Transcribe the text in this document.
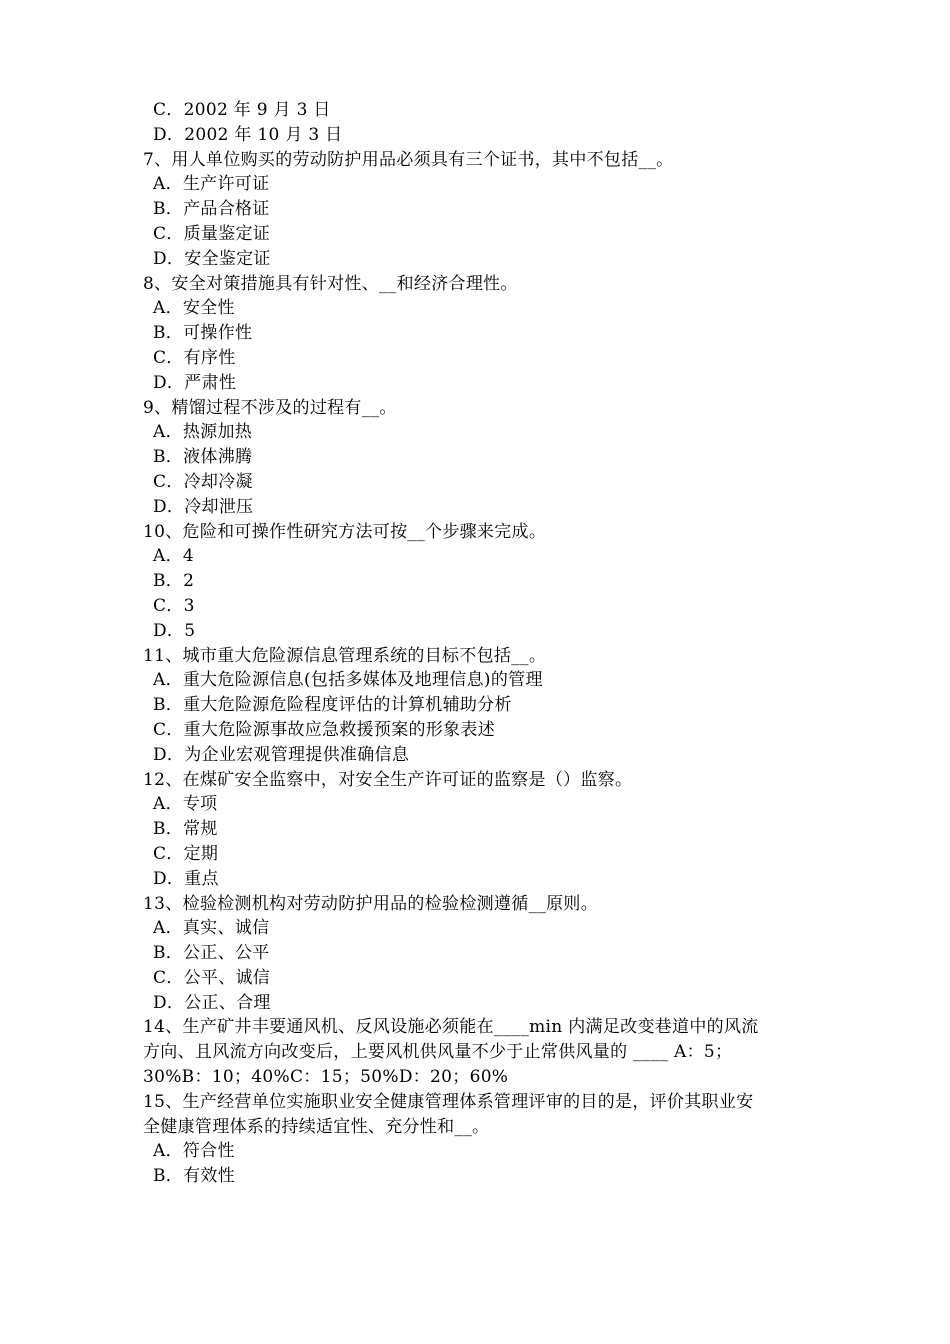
C．2002 年 9 月 3 日
D．2002 年 10 月 3 日
7、用人单位购买的劳动防护用品必须具有三个证书，其中不包括__。
A．生产许可证
B．产品合格证
C．质量鉴定证
D．安全鉴定证
8、安全对策措施具有针对性、__和经济合理性。
A．安全性
B．可操作性
C．有序性
D．严肃性
9、精馏过程不涉及的过程有__。
A．热源加热
B．液体沸腾
C．冷却冷凝
D．冷却泄压
10、危险和可操作性研究方法可按__个步骤来完成。
A．4
B．2
C．3
D．5
11、城市重大危险源信息管理系统的目标不包括__。
A．重大危险源信息(包括多媒体及地理信息)的管理
B．重大危险源危险程度评估的计算机辅助分析
C．重大危险源事故应急救援预案的形象表述
D．为企业宏观管理提供准确信息
12、在煤矿安全监察中，对安全生产许可证的监察是（）监察。
A．专项
B．常规
C．定期
D．重点
13、检验检测机构对劳动防护用品的检验检测遵循__原则。
A．真实、诚信
B．公正、公平
C．公平、诚信
D．公正、合理
14、生产矿井丰要通风机、反风设施必须能在____min 内满足改变巷道中的风流
方向、且风流方向改变后，上要风机供风量不少于止常供风量的 ____ A：5；
30%B：10；40%C：15；50%D：20；60%
15、生产经营单位实施职业安全健康管理体系管理评审的目的是，评价其职业安
全健康管理体系的持续适宜性、充分性和__。
A．符合性
B．有效性
